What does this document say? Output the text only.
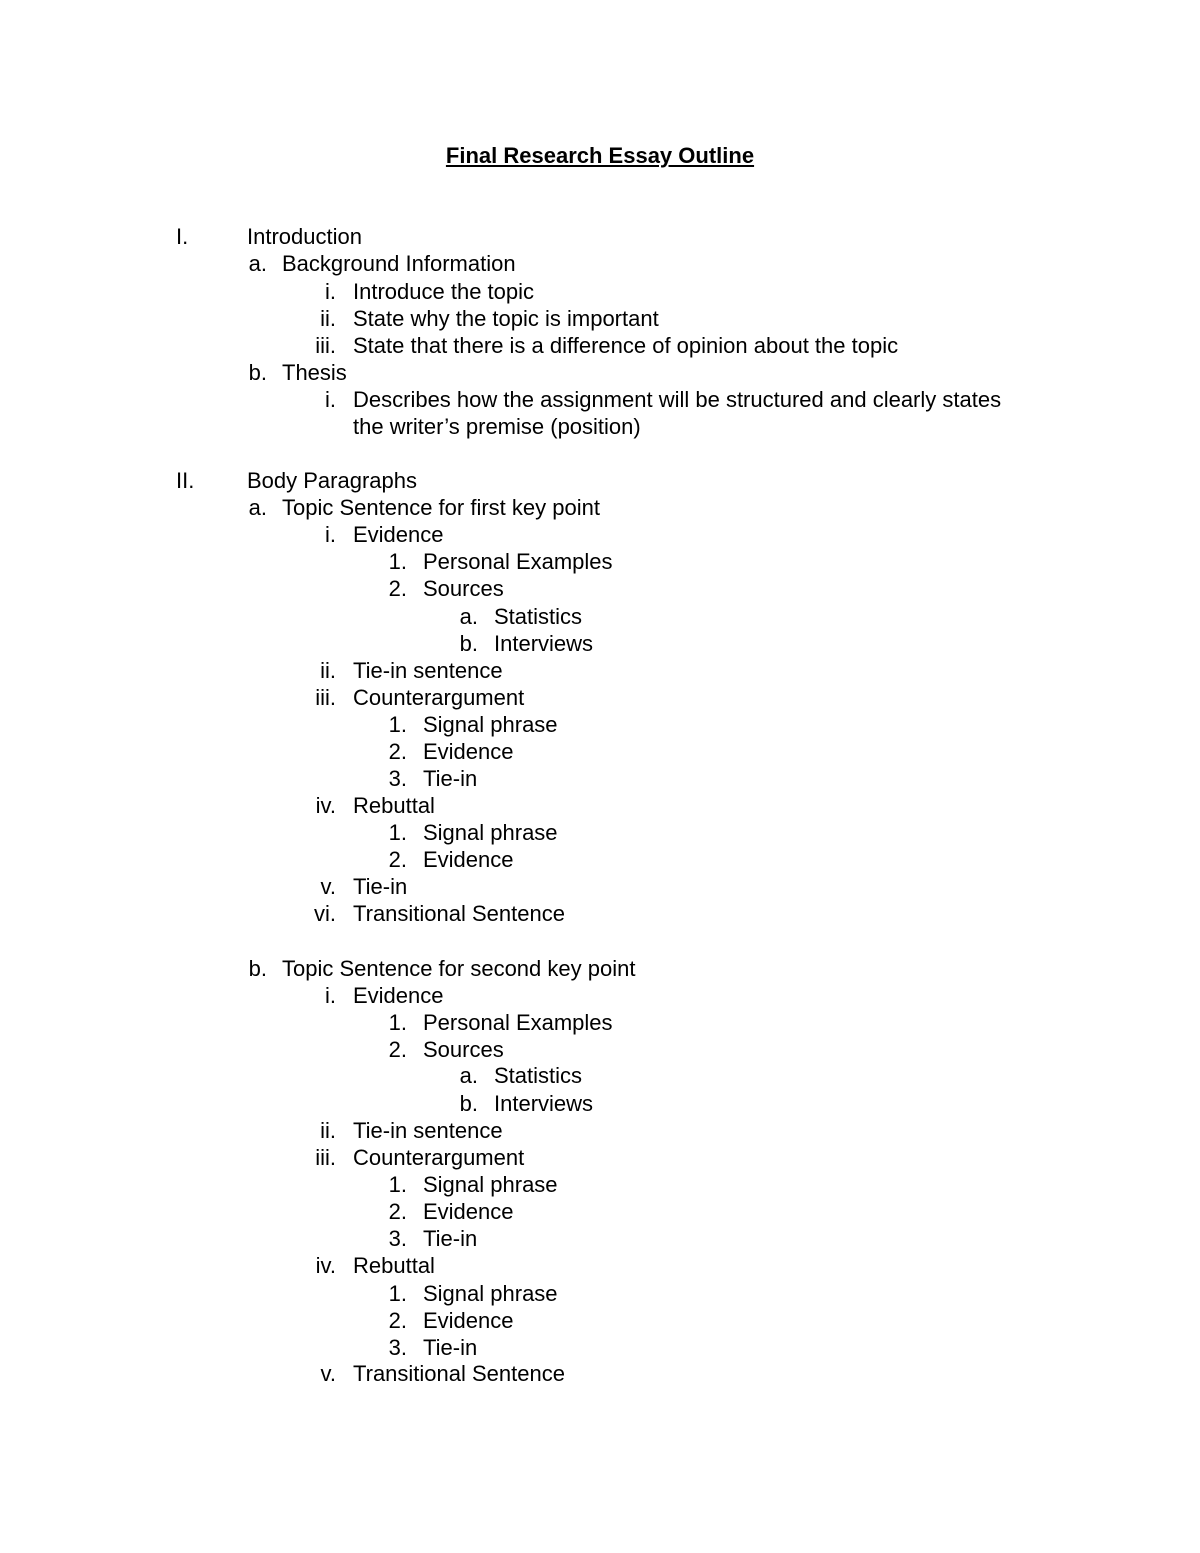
Final Research Essay Outline
I.	Introduction
a. Background Information
i. Introduce the topic
ii. State why the topic is important
iii. State that there is a difference of opinion about the topic
b. Thesis
i. Describes how the assignment will be structured and clearly states
the writer’s premise (position)
II. Body Paragraphs
a. Topic Sentence for first key point
i. Evidence
1. Personal Examples
2. Sources
a. Statistics
b. Interviews
ii. Tie-in sentence
iii. Counterargument
1. Signal phrase
2. Evidence
3. Tie-in
iv. Rebuttal
1. Signal phrase
2. Evidence
v. Tie-in
vi. Transitional Sentence
b. Topic Sentence for second key point
i. Evidence
1. Personal Examples
2. Sources
a. Statistics
b. Interviews
ii. Tie-in sentence
iii. Counterargument
1. Signal phrase
2. Evidence
3. Tie-in
iv. Rebuttal
1. Signal phrase
2. Evidence
3. Tie-in
v. Transitional Sentence
